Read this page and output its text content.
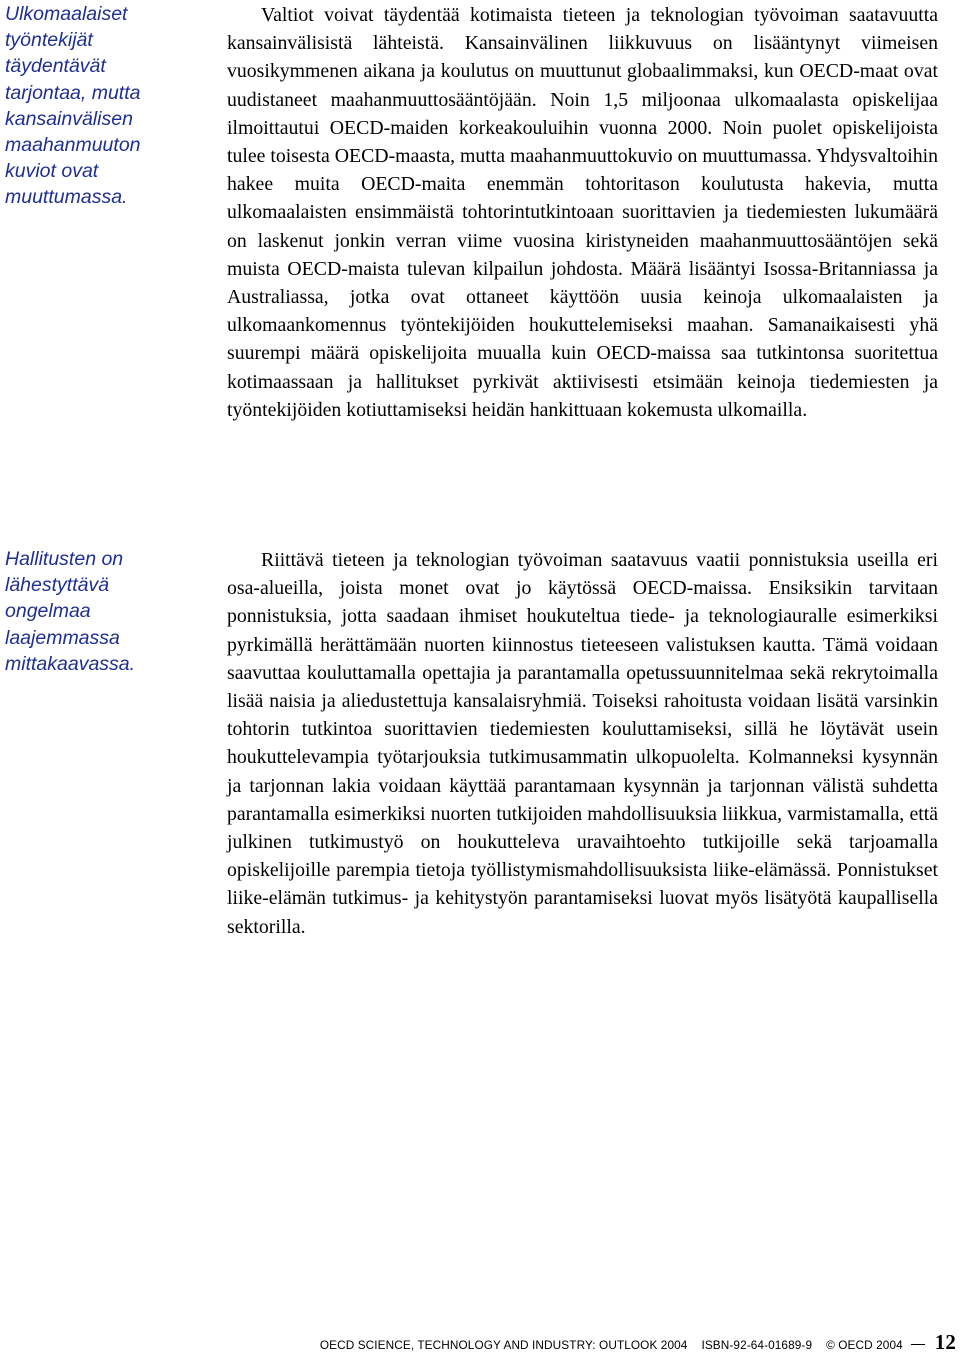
Ulkomaalaiset työntekijät täydentävät tarjontaa, mutta kansainvälisen maahanmuuton kuviot ovat muuttumassa.

Valtiot voivat täydentää kotimaista tieteen ja teknologian työvoiman saatavuutta kansainvälisistä lähteistä. Kansainvälinen liikkuvuus on lisääntynyt viimeisen vuosikymmenen aikana ja koulutus on muuttunut globaalimmaksi, kun OECD-maat ovat uudistaneet maahanmuuttosääntöjään. Noin 1,5 miljoonaa ulkomaalasta opiskelijaa ilmoittautui OECD-maiden korkeakouluihin vuonna 2000. Noin puolet opiskelijoista tulee toisesta OECD-maasta, mutta maahanmuuttokuvio on muuttumassa. Yhdysvaltoihin hakee muita OECD-maita enemmän tohtoritason koulutusta hakevia, mutta ulkomaalaisten ensimmäistä tohtorintutkintoaan suorittavien ja tiedemiesten lukumäärä on laskenut jonkin verran viime vuosina kiristyneiden maahanmuuttosääntöjen sekä muista OECD-maista tulevan kilpailun johdosta. Määrä lisääntyi Isossa-Britanniassa ja Australiassa, jotka ovat ottaneet käyttöön uusia keinoja ulkomaalaisten ja ulkomaankomennus työntekijöiden houkuttelemiseksi maahan. Samanaikaisesti yhä suurempi määrä opiskelijoita muualla kuin OECD-maissa saa tutkintonsa suoritettua kotimaassaan ja hallitukset pyrkivät aktiivisesti etsimään keinoja tiedemiesten ja työntekijöiden kotiuttamiseksi heidän hankittuaan kokemusta ulkomailla.

Hallitusten on lähestyttävä ongelmaa laajemmassa mittakaavassa.

Riittävä tieteen ja teknologian työvoiman saatavuus vaatii ponnistuksia useilla eri osa-alueilla, joista monet ovat jo käytössä OECD-maissa. Ensiksikin tarvitaan ponnistuksia, jotta saadaan ihmiset houkuteltua tiede- ja teknologiauralle esimerkiksi pyrkimällä herättämään nuorten kiinnostus tieteeseen valistuksen kautta. Tämä voidaan saavuttaa kouluttamalla opettajia ja parantamalla opetussuunnitelmaa sekä rekrytoimalla lisää naisia ja aliedustettuja kansalaisryhmiä. Toiseksi rahoitusta voidaan lisätä varsinkin tohtorin tutkintoa suorittavien tiedemiesten kouluttamiseksi, sillä he löytävät usein houkuttelevampia työtarjouksia tutkimusammatin ulkopuolelta. Kolmanneksi kysynnän ja tarjonnan lakia voidaan käyttää parantamaan kysynnän ja tarjonnan välistä suhdetta parantamalla esimerkiksi nuorten tutkijoiden mahdollisuuksia liikkua, varmistamalla, että julkinen tutkimustyö on houkutteleva uravaihtoehto tutkijoille sekä tarjoamalla opiskelijoille parempia tietoja työllistymismahdollisuuksista liike-elämässä. Ponnistukset liike-elämän tutkimus- ja kehitystyön parantamiseksi luovat myös lisätyötä kaupallisella sektorilla.

OECD SCIENCE, TECHNOLOGY AND INDUSTRY: OUTLOOK 2004 ISBN-92-64-01689-9 © OECD 2004 12
